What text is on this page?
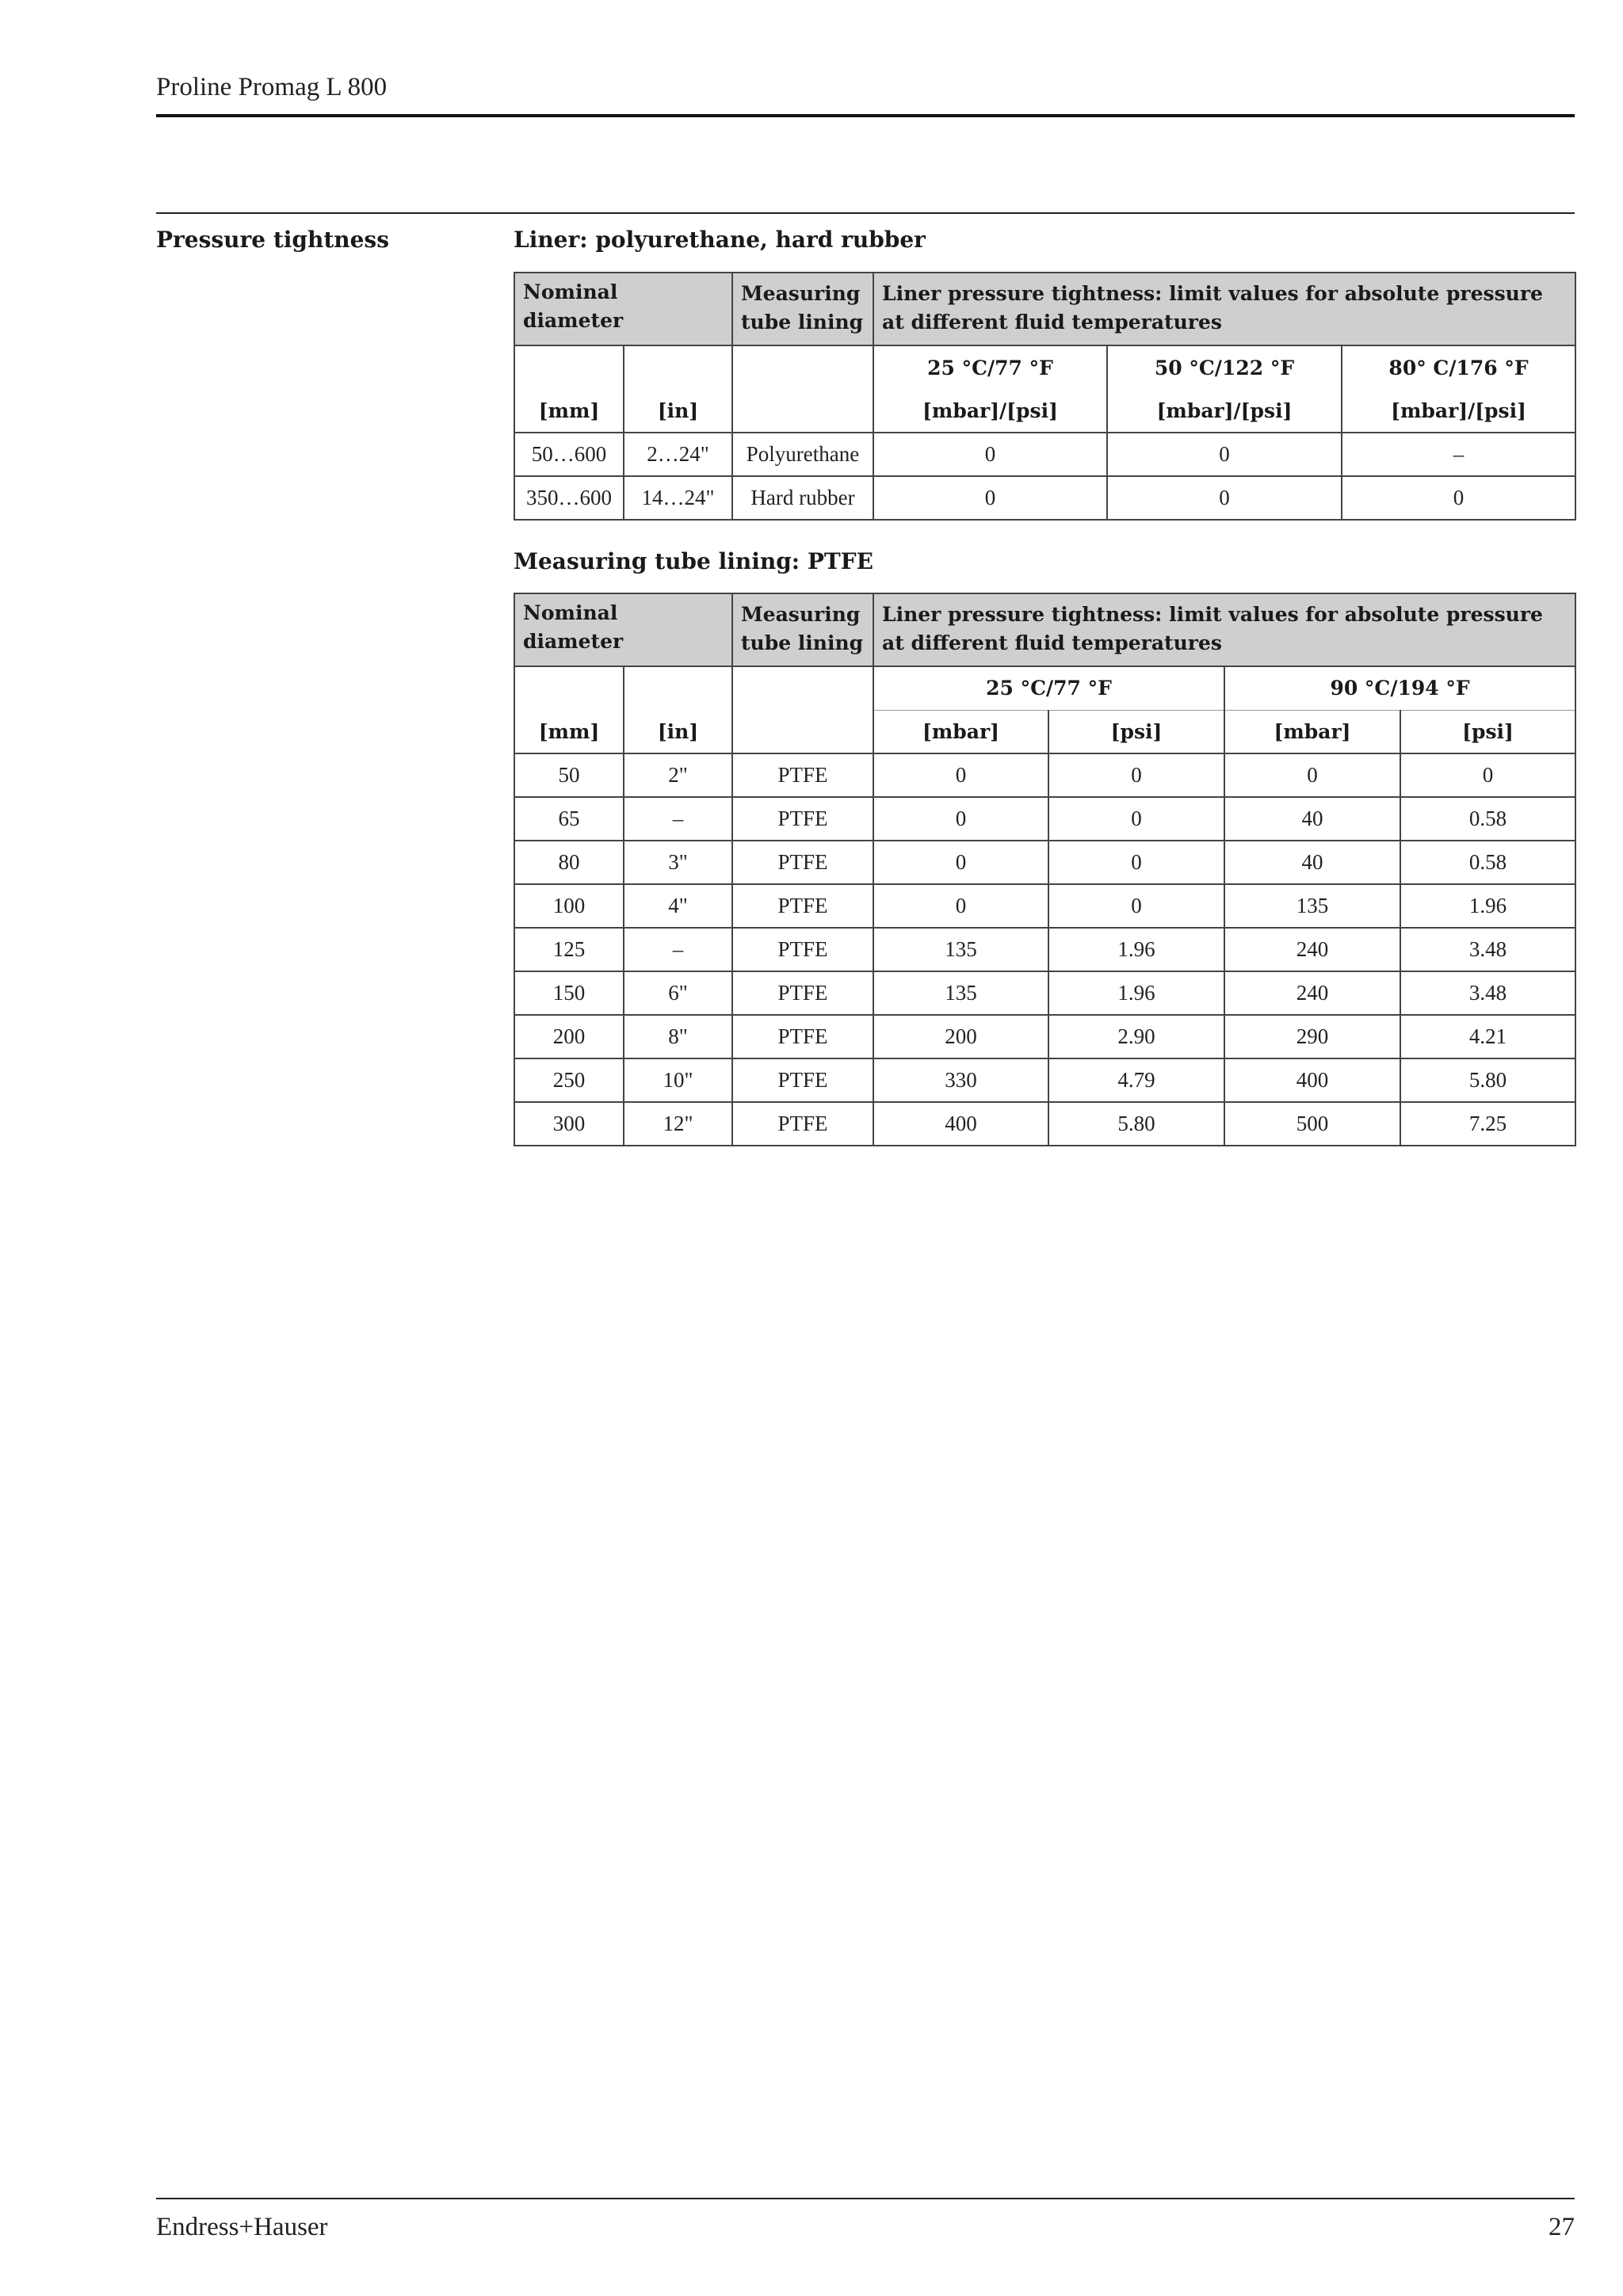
Proline Promag L 800
Pressure tightness	Liner: polyurethane, hard rubber
Nominal diameter		Measuring tube lining	Liner pressure tightness: limit values for absolute pressure at different fluid temperatures		
			25 °C/77 °F	50 °C/122 °F	80° C/176 °F
[mm]	[in]		[mbar]/[psi]	[mbar]/[psi]	[mbar]/[psi]
50…600	2…24"	Polyurethane	0	0	–
350…600	14…24"	Hard rubber	0	0	0
Measuring tube lining: PTFE
Nominal diameter		Measuring tube lining	Liner pressure tightness: limit values for absolute pressure at different fluid temperatures			
			25 °C/77 °F		90 °C/194 °F	
[mm]	[in]		[mbar]	[psi]	[mbar]	[psi]
50	2"	PTFE	0	0	0	0
65	–	PTFE	0	0	40	0.58
80	3"	PTFE	0	0	40	0.58
100	4"	PTFE	0	0	135	1.96
125	–	PTFE	135	1.96	240	3.48
150	6"	PTFE	135	1.96	240	3.48
200	8"	PTFE	200	2.90	290	4.21
250	10"	PTFE	330	4.79	400	5.80
300	12"	PTFE	400	5.80	500	7.25
Endress+Hauser	27
